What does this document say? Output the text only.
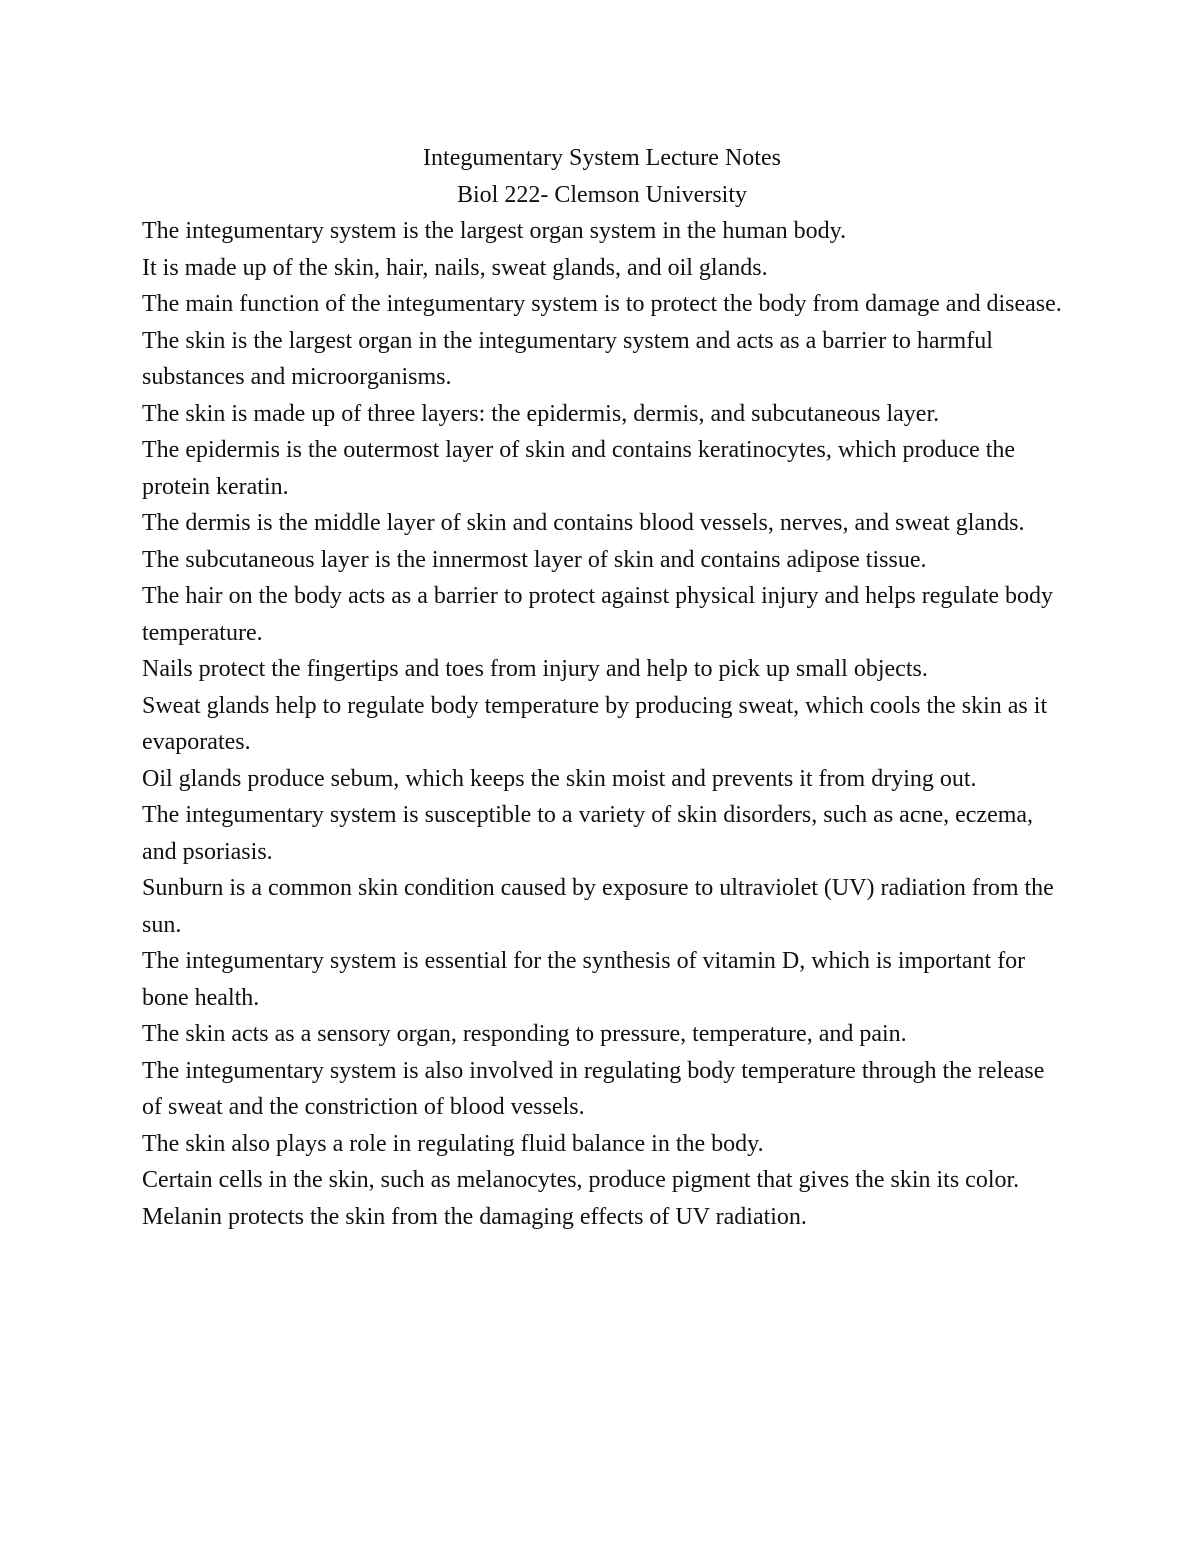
Integumentary System Lecture Notes
Biol 222- Clemson University

The integumentary system is the largest organ system in the human body.

It is made up of the skin, hair, nails, sweat glands, and oil glands.

The main function of the integumentary system is to protect the body from damage and disease.

The skin is the largest organ in the integumentary system and acts as a barrier to harmful substances and microorganisms.

The skin is made up of three layers: the epidermis, dermis, and subcutaneous layer.

The epidermis is the outermost layer of skin and contains keratinocytes, which produce the protein keratin.

The dermis is the middle layer of skin and contains blood vessels, nerves, and sweat glands.

The subcutaneous layer is the innermost layer of skin and contains adipose tissue.

The hair on the body acts as a barrier to protect against physical injury and helps regulate body temperature.

Nails protect the fingertips and toes from injury and help to pick up small objects.

Sweat glands help to regulate body temperature by producing sweat, which cools the skin as it evaporates.

Oil glands produce sebum, which keeps the skin moist and prevents it from drying out.

The integumentary system is susceptible to a variety of skin disorders, such as acne, eczema, and psoriasis.

Sunburn is a common skin condition caused by exposure to ultraviolet (UV) radiation from the sun.

The integumentary system is essential for the synthesis of vitamin D, which is important for bone health.

The skin acts as a sensory organ, responding to pressure, temperature, and pain.

The integumentary system is also involved in regulating body temperature through the release of sweat and the constriction of blood vessels.

The skin also plays a role in regulating fluid balance in the body.

Certain cells in the skin, such as melanocytes, produce pigment that gives the skin its color.

Melanin protects the skin from the damaging effects of UV radiation.
